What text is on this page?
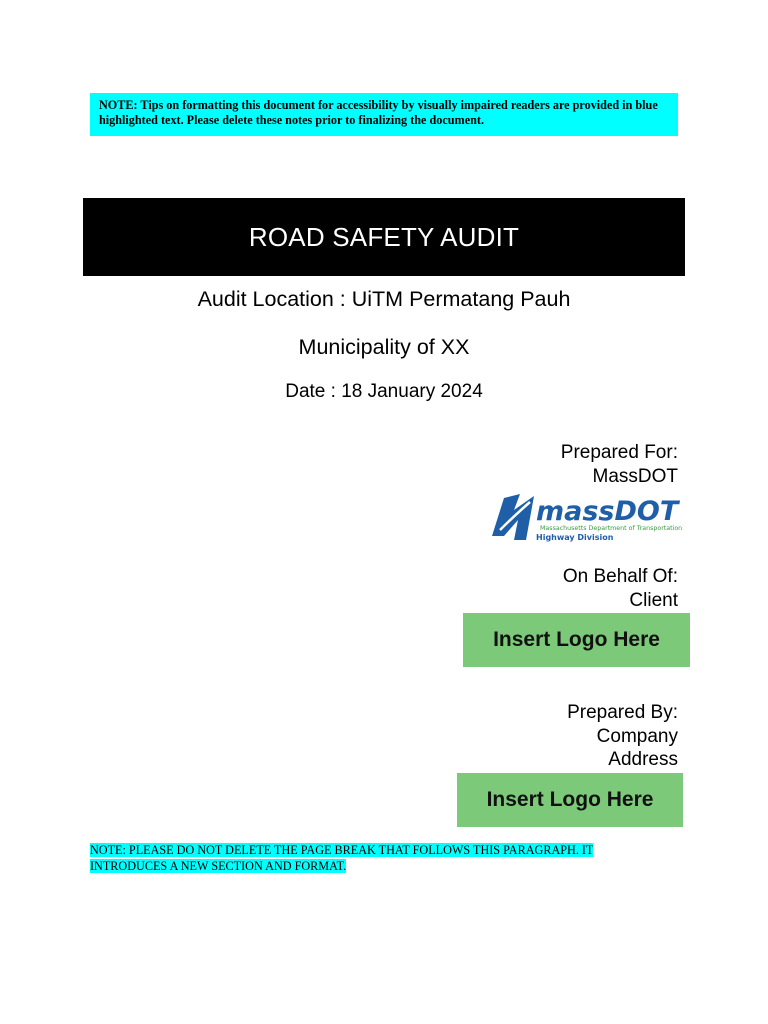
NOTE: Tips on formatting this document for accessibility by visually impaired readers are provided in blue highlighted text. Please delete these notes prior to finalizing the document.
ROAD SAFETY AUDIT
Audit Location : UiTM Permatang Pauh
Municipality of XX
Date : 18 January 2024
Prepared For:
MassDOT
massDOT
Massachusetts Department of Transportation
Highway Division
On Behalf Of:
Client
Insert Logo Here
Prepared By:
Company
Address
Insert Logo Here
NOTE: PLEASE DO NOT DELETE THE PAGE BREAK THAT FOLLOWS THIS PARAGRAPH. IT
INTRODUCES A NEW SECTION AND FORMAT.
